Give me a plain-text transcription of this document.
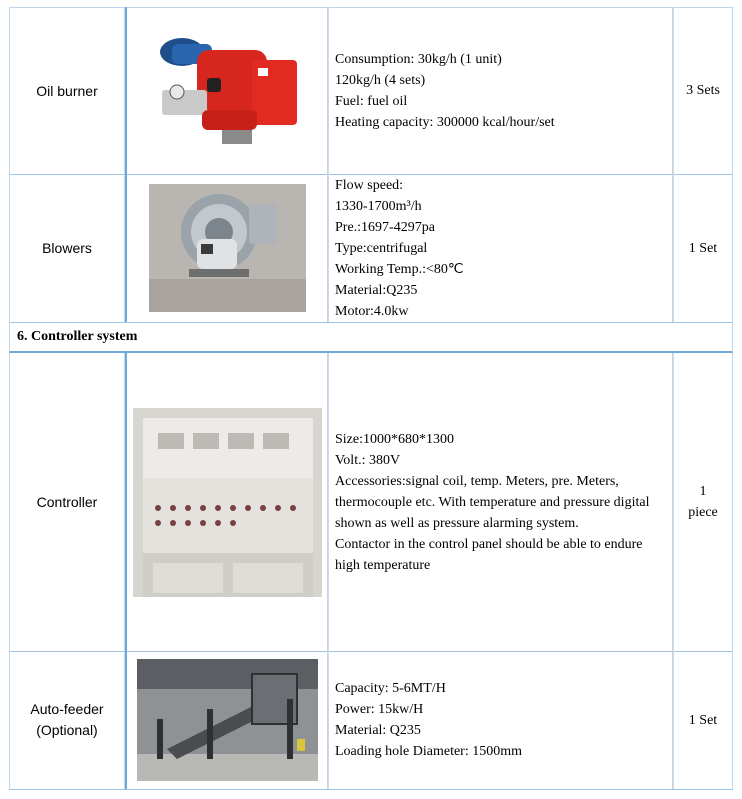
Oil burner
Consumption: 30kg/h (1 unit)
120kg/h (4 sets)
Fuel: fuel oil
Heating capacity: 300000 kcal/hour/set
3 Sets
Blowers
Flow speed:
1330-1700m³/h
Pre.:1697-4297pa
Type:centrifugal
Working Temp.:<80℃
Material:Q235
Motor:4.0kw
1 Set
6. Controller system
Controller
Size:1000*680*1300
Volt.: 380V
Accessories:signal coil, temp. Meters, pre. Meters,
thermocouple etc. With temperature and pressure digital
shown as well as pressure alarming system.
Contactor in the control panel should be able to endure
high temperature
1
piece
Auto-feeder
(Optional)
Capacity: 5-6MT/H
Power: 15kw/H
Material: Q235
Loading hole Diameter: 1500mm
1 Set
